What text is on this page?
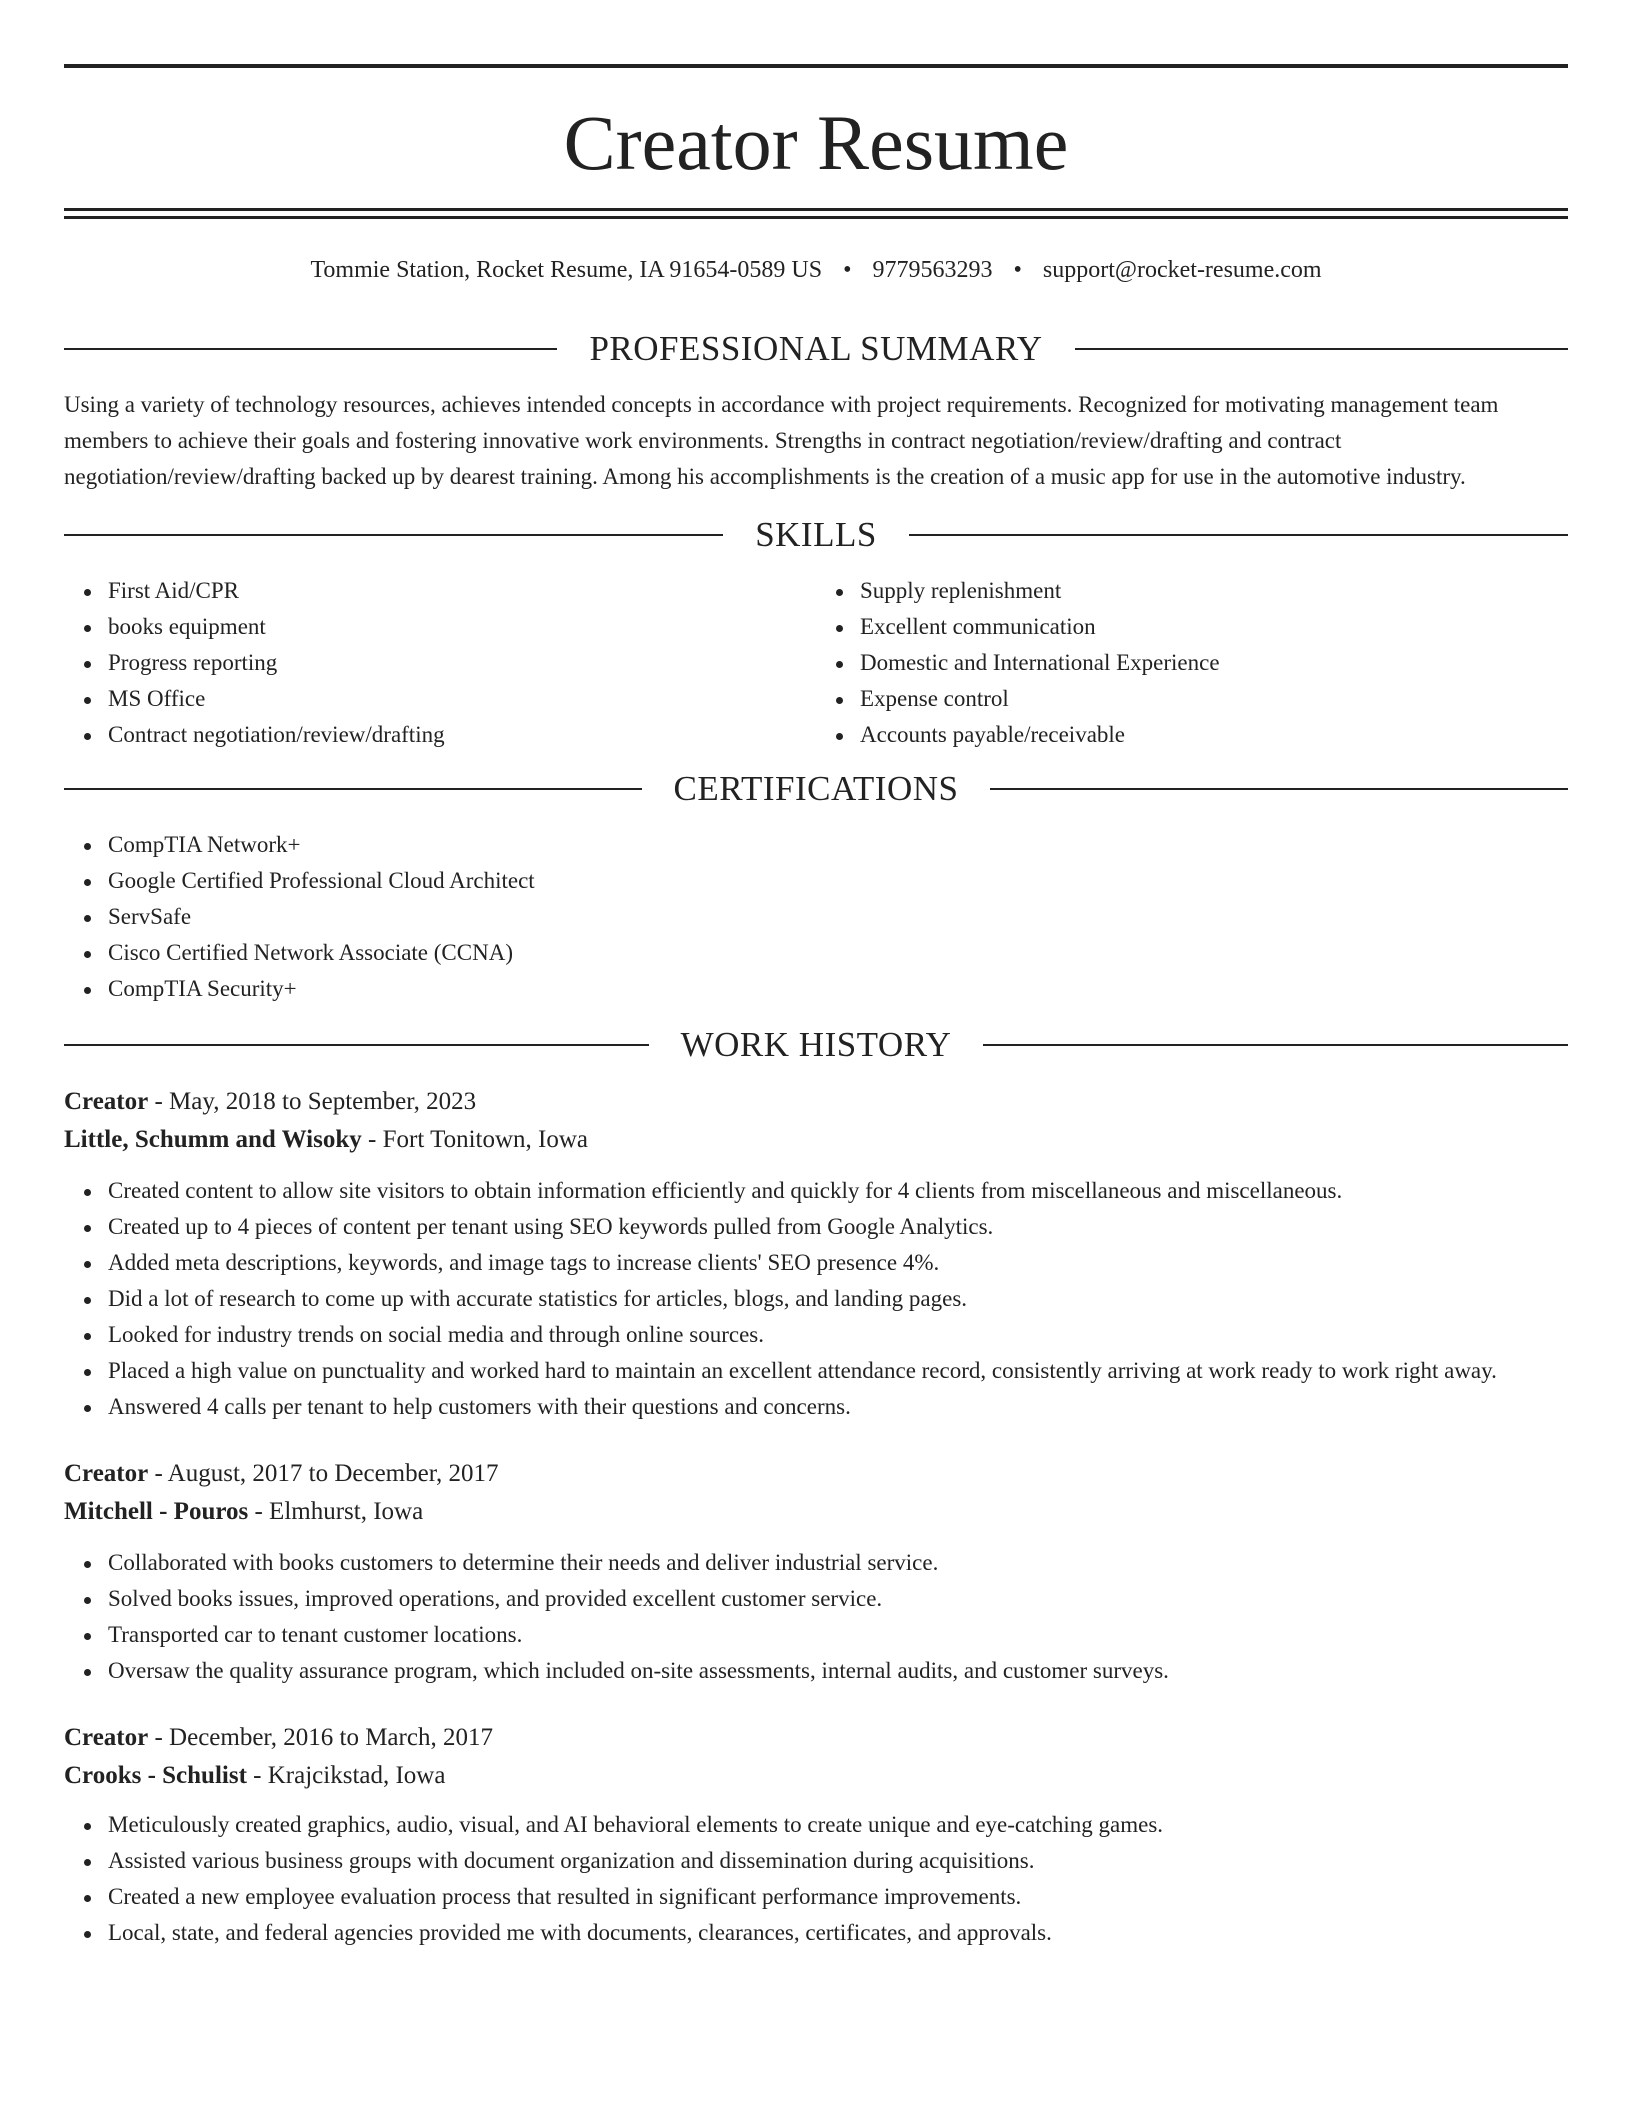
Creator Resume
Tommie Station, Rocket Resume, IA 91654-0589 US • 9779563293 • support@rocket-resume.com
PROFESSIONAL SUMMARY
Using a variety of technology resources, achieves intended concepts in accordance with project requirements. Recognized for motivating management team members to achieve their goals and fostering innovative work environments. Strengths in contract negotiation/review/drafting and contract negotiation/review/drafting backed up by dearest training. Among his accomplishments is the creation of a music app for use in the automotive industry.
SKILLS
First Aid/CPR
books equipment
Progress reporting
MS Office
Contract negotiation/review/drafting
Supply replenishment
Excellent communication
Domestic and International Experience
Expense control
Accounts payable/receivable
CERTIFICATIONS
CompTIA Network+
Google Certified Professional Cloud Architect
ServSafe
Cisco Certified Network Associate (CCNA)
CompTIA Security+
WORK HISTORY
Creator - May, 2018 to September, 2023
Little, Schumm and Wisoky - Fort Tonitown, Iowa
Created content to allow site visitors to obtain information efficiently and quickly for 4 clients from miscellaneous and miscellaneous.
Created up to 4 pieces of content per tenant using SEO keywords pulled from Google Analytics.
Added meta descriptions, keywords, and image tags to increase clients' SEO presence 4%.
Did a lot of research to come up with accurate statistics for articles, blogs, and landing pages.
Looked for industry trends on social media and through online sources.
Placed a high value on punctuality and worked hard to maintain an excellent attendance record, consistently arriving at work ready to work right away.
Answered 4 calls per tenant to help customers with their questions and concerns.
Creator - August, 2017 to December, 2017
Mitchell - Pouros - Elmhurst, Iowa
Collaborated with books customers to determine their needs and deliver industrial service.
Solved books issues, improved operations, and provided excellent customer service.
Transported car to tenant customer locations.
Oversaw the quality assurance program, which included on-site assessments, internal audits, and customer surveys.
Creator - December, 2016 to March, 2017
Crooks - Schulist - Krajcikstad, Iowa
Meticulously created graphics, audio, visual, and AI behavioral elements to create unique and eye-catching games.
Assisted various business groups with document organization and dissemination during acquisitions.
Created a new employee evaluation process that resulted in significant performance improvements.
Local, state, and federal agencies provided me with documents, clearances, certificates, and approvals.
